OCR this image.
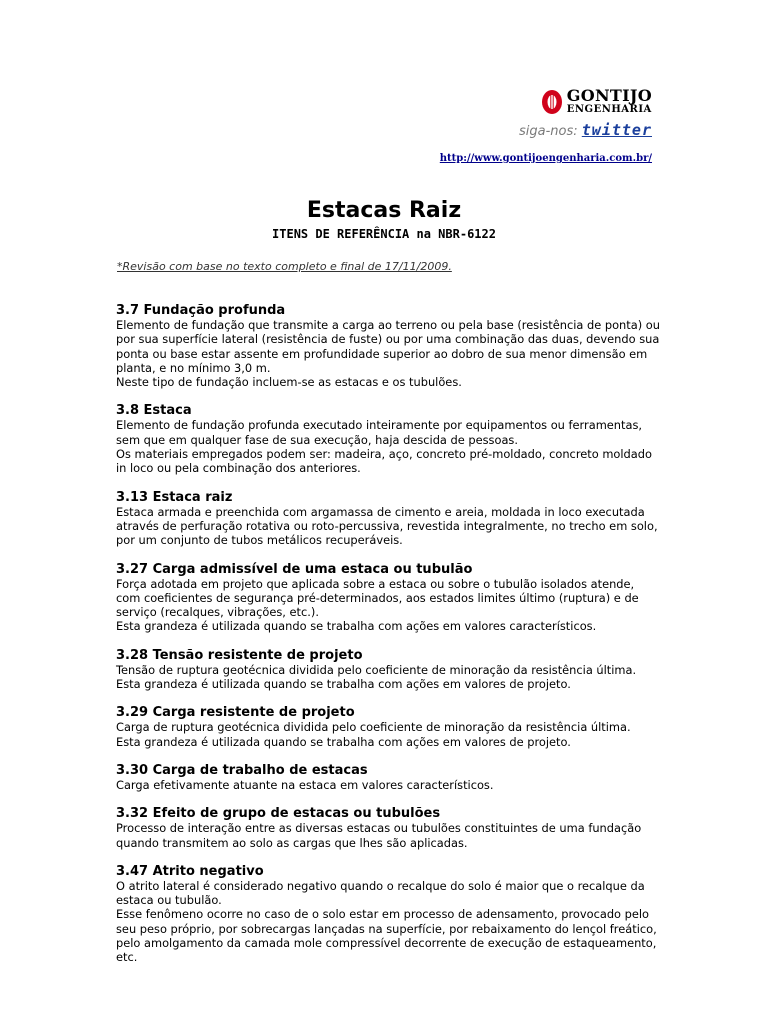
GONTIJO
ENGENHARIA
siga-nos: twitter
http://www.gontijoengenharia.com.br/
Estacas Raiz
ITENS DE REFERÊNCIA na NBR-6122
*Revisão com base no texto completo e final de 17/11/2009.
3.7 Fundação profunda

Elemento de fundação que transmite a carga ao terreno ou pela base (resistência de ponta) ou por sua superfície lateral (resistência de fuste) ou por uma combinação das duas, devendo sua ponta ou base estar assente em profundidade superior ao dobro de sua menor dimensão em planta, e no mínimo 3,0 m.
Neste tipo de fundação incluem-se as estacas e os tubulões.

3.8 Estaca

Elemento de fundação profunda executado inteiramente por equipamentos ou ferramentas, sem que em qualquer fase de sua execução, haja descida de pessoas.
Os materiais empregados podem ser: madeira, aço, concreto pré-moldado, concreto moldado in loco ou pela combinação dos anteriores.

3.13 Estaca raiz

Estaca armada e preenchida com argamassa de cimento e areia, moldada in loco executada através de perfuração rotativa ou roto-percussiva, revestida integralmente, no trecho em solo, por um conjunto de tubos metálicos recuperáveis.

3.27 Carga admissível de uma estaca ou tubulão

Força adotada em projeto que aplicada sobre a estaca ou sobre o tubulão isolados atende, com coeficientes de segurança pré-determinados, aos estados limites último (ruptura) e de serviço (recalques, vibrações, etc.).
Esta grandeza é utilizada quando se trabalha com ações em valores característicos.

3.28 Tensão resistente de projeto

Tensão de ruptura geotécnica dividida pelo coeficiente de minoração da resistência última.
Esta grandeza é utilizada quando se trabalha com ações em valores de projeto.

3.29 Carga resistente de projeto

Carga de ruptura geotécnica dividida pelo coeficiente de minoração da resistência última.
Esta grandeza é utilizada quando se trabalha com ações em valores de projeto.

3.30 Carga de trabalho de estacas

Carga efetivamente atuante na estaca em valores característicos.

3.32 Efeito de grupo de estacas ou tubulões

Processo de interação entre as diversas estacas ou tubulões constituintes de uma fundação quando transmitem ao solo as cargas que lhes são aplicadas.

3.47 Atrito negativo

O atrito lateral é considerado negativo quando o recalque do solo é maior que o recalque da estaca ou tubulão.
Esse fenômeno ocorre no caso de o solo estar em processo de adensamento, provocado pelo seu peso próprio, por sobrecargas lançadas na superfície, por rebaixamento do lençol freático, pelo amolgamento da camada mole compressível decorrente de execução de estaqueamento, etc.
